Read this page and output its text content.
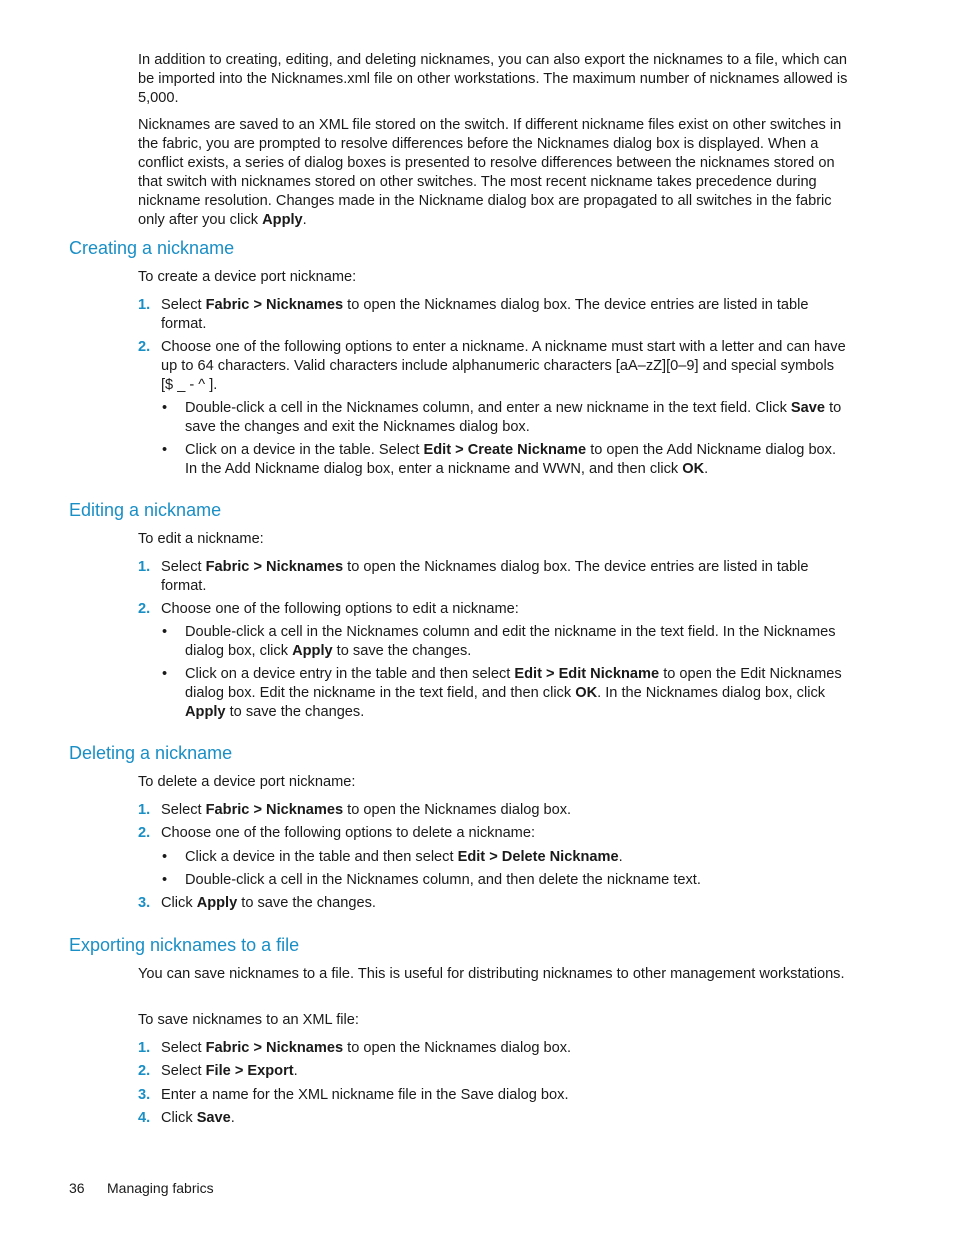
In addition to creating, editing, and deleting nicknames, you can also export the nicknames to a file, which can be imported into the Nicknames.xml file on other workstations. The maximum number of nicknames allowed is 5,000.
Nicknames are saved to an XML file stored on the switch. If different nickname files exist on other switches in the fabric, you are prompted to resolve differences before the Nicknames dialog box is displayed. When a conflict exists, a series of dialog boxes is presented to resolve differences between the nicknames stored on that switch with nicknames stored on other switches. The most recent nickname takes precedence during nickname resolution. Changes made in the Nickname dialog box are propagated to all switches in the fabric only after you click Apply.
Creating a nickname
To create a device port nickname:
1. Select Fabric > Nicknames to open the Nicknames dialog box. The device entries are listed in table format.
2. Choose one of the following options to enter a nickname. A nickname must start with a letter and can have up to 64 characters. Valid characters include alphanumeric characters [aA–zZ][0–9] and special symbols [$ _ - ^ ].
• Double-click a cell in the Nicknames column, and enter a new nickname in the text field. Click Save to save the changes and exit the Nicknames dialog box.
• Click on a device in the table. Select Edit > Create Nickname to open the Add Nickname dialog box. In the Add Nickname dialog box, enter a nickname and WWN, and then click OK.
Editing a nickname
To edit a nickname:
1. Select Fabric > Nicknames to open the Nicknames dialog box. The device entries are listed in table format.
2. Choose one of the following options to edit a nickname:
• Double-click a cell in the Nicknames column and edit the nickname in the text field. In the Nicknames dialog box, click Apply to save the changes.
• Click on a device entry in the table and then select Edit > Edit Nickname to open the Edit Nicknames dialog box. Edit the nickname in the text field, and then click OK. In the Nicknames dialog box, click Apply to save the changes.
Deleting a nickname
To delete a device port nickname:
1. Select Fabric > Nicknames to open the Nicknames dialog box.
2. Choose one of the following options to delete a nickname:
• Click a device in the table and then select Edit > Delete Nickname.
• Double-click a cell in the Nicknames column, and then delete the nickname text.
3. Click Apply to save the changes.
Exporting nicknames to a file
You can save nicknames to a file. This is useful for distributing nicknames to other management workstations.
To save nicknames to an XML file:
1. Select Fabric > Nicknames to open the Nicknames dialog box.
2. Select File > Export.
3. Enter a name for the XML nickname file in the Save dialog box.
4. Click Save.
36 Managing fabrics
